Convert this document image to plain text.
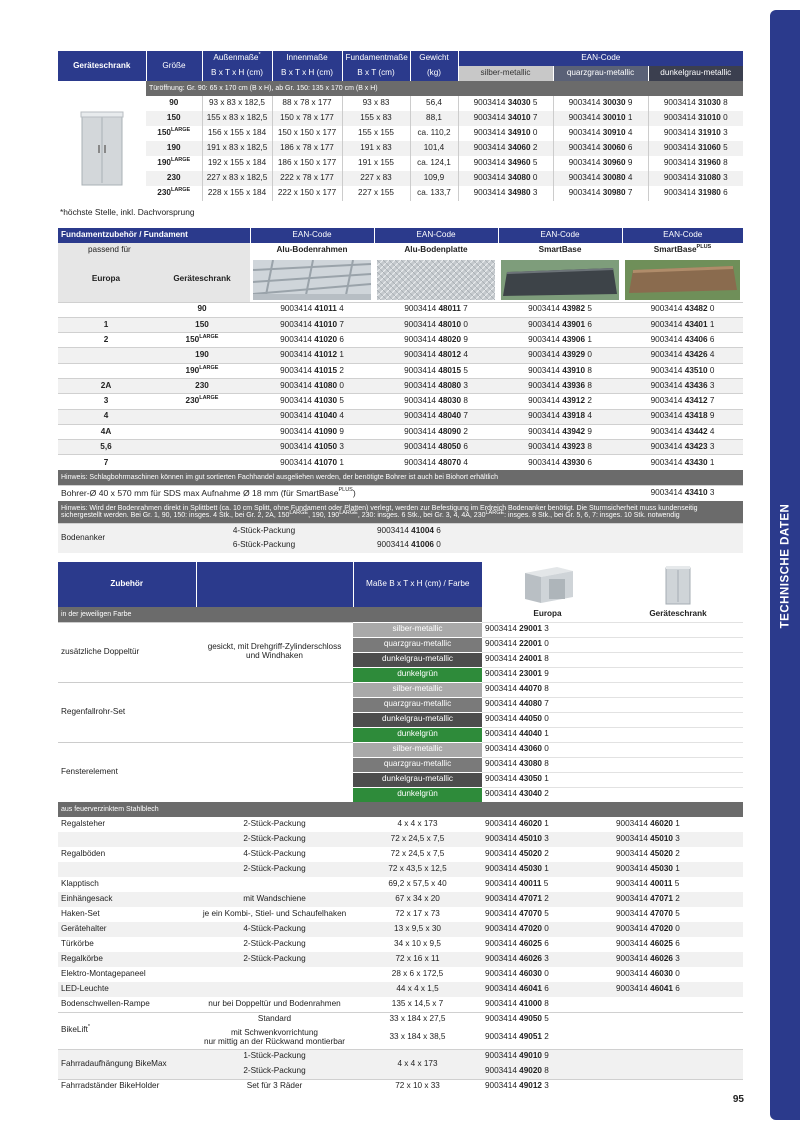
TECHNISCHE DATEN
Geräteschrank	Größe	Außenmaße*	Innenmaße	Fundamentmaße	Gewicht	EAN-Code		
		B x T x H (cm)	B x T x H (cm)	B x T (cm)	(kg)	silber-metallic	quarzgrau-metallic	dunkelgrau-metallic
	Türöffnung: Gr. 90: 65 x 170 cm (B x H), ab Gr. 150: 135 x 170 cm (B x H)							

	90	93 x 83 x 182,5	88 x 78 x 177	93 x 83	56,4	9003414 34030 5	9003414 30030 9	9003414 31030 8
	150	155 x 83 x 182,5	150 x 78 x 177	155 x 83	88,1	9003414 34010 7	9003414 30010 1	9003414 31010 0
	$150^{LARGE}$	156 x 155 x 184	150 x 150 x 177	155 x 155	ca. 110,2	9003414 34910 0	9003414 30910 4	9003414 31910 3
	190	191 x 83 x 182,5	186 x 78 x 177	191 x 83	101,4	9003414 34060 2	9003414 30060 6	9003414 31060 5
	$190^{LARGE}$	192 x 155 x 184	186 x 150 x 177	191 x 155	ca. 124,1	9003414 34960 5	9003414 30960 9	9003414 31960 8
	230	227 x 83 x 182,5	222 x 78 x 177	227 x 83	109,9	9003414 34080 0	9003414 30080 4	9003414 31080 3
	$230^{LARGE}$	228 x 155 x 184	222 x 150 x 177	227 x 155	ca. 133,7	9003414 34980 3	9003414 30980 7	9003414 31980 6
*höchste Stelle, inkl. Dachvorsprung
Fundamentzubehör / Fundament		EAN-Code	EAN-Code	EAN-Code	EAN-Code
passend für		Alu-Bodenrahmen	Alu-Bodenplatte	SmartBase	SmartBase$^{PLUS}$
Europa	Geräteschrank	

	90	9003414 41011 4	9003414 48011 7	9003414 43982 5	9003414 43482 0
1	150	9003414 41010 7	9003414 48010 0	9003414 43901 6	9003414 43401 1
2	$150^{LARGE}$	9003414 41020 6	9003414 48020 9	9003414 43906 1	9003414 43406 6
	190	9003414 41012 1	9003414 48012 4	9003414 43929 0	9003414 43426 4
	$190^{LARGE}$	9003414 41015 2	9003414 48015 5	9003414 43910 8	9003414 43510 0
2A	230	9003414 41080 0	9003414 48080 3	9003414 43936 8	9003414 43436 3
3	$230^{LARGE}$	9003414 41030 5	9003414 48030 8	9003414 43912 2	9003414 43412 7
4		9003414 41040 4	9003414 48040 7	9003414 43918 4	9003414 43418 9
4A		9003414 41090 9	9003414 48090 2	9003414 43942 9	9003414 43442 4
5,6		9003414 41050 3	9003414 48050 6	9003414 43923 8	9003414 43423 3
7		9003414 41070 1	9003414 48070 4	9003414 43930 6	9003414 43430 1
Hinweis: Schlagbohrmaschinen können im gut sortierten Fachhandel ausgeliehen werden, der benötigte Bohrer ist auch bei Biohort erhältlich					
Bohrer-Ø 40 x 570 mm für SDS max Aufnahme Ø 18 mm (für SmartBase$^{PLUS}$)					9003414 43410 3
Hinweis: Wird der Bodenrahmen direkt in Splittbett (ca. 10 cm Splitt, ohne Fundament oder Platten) verlegt, werden zur Befestigung im Erdreich Bodenanker benötigt. Die Sturmsicherheit muss kundenseitig
sichergestellt werden. Bei Gr. 1, 90, 150: insges. 4 Stk., bei Gr. 2, 2A, $150^{LARGE}$, 190, $190^{LARGE}$, 230: insges. 6 Stk., bei Gr. 3, 4, 4A, $230^{LARGE}$: insges. 8 Stk., bei Gr. 5, 6, 7: insges. 10 Stk. notwendig					
Bodenanker	4-Stück-Packung		9003414 41004 6		
	6-Stück-Packung		9003414 41006 0		
Zubehör		Maße B x T x H (cm) / Farbe	

in der jeweiligen Farbe			Europa	Geräteschrank
zusätzliche Doppeltür	gesickt, mit Drehgriff-Zylinderschloss
und Windhaken	silber-metallic	9003414 29001 3	
		quarzgrau-metallic	9003414 22001 0	
		dunkelgrau-metallic	9003414 24001 8	
		dunkelgrün	9003414 23001 9	
Regenfallrohr-Set		silber-metallic	9003414 44070 8	
		quarzgrau-metallic	9003414 44080 7	
		dunkelgrau-metallic	9003414 44050 0	
		dunkelgrün	9003414 44040 1	
Fensterelement		silber-metallic	9003414 43060 0	
		quarzgrau-metallic	9003414 43080 8	
		dunkelgrau-metallic	9003414 43050 1	
		dunkelgrün	9003414 43040 2	
aus feuerverzinktem Stahlblech				
Regalsteher	2-Stück-Packung	4 x 4 x 173	9003414 46020 1	9003414 46020 1
	2-Stück-Packung	72 x 24,5 x 7,5	9003414 45010 3	9003414 45010 3
Regalböden	4-Stück-Packung	72 x 24,5 x 7,5	9003414 45020 2	9003414 45020 2
	2-Stück-Packung	72 x 43,5 x 12,5	9003414 45030 1	9003414 45030 1
Klapptisch		69,2 x 57,5 x 40	9003414 40011 5	9003414 40011 5
Einhängesack	mit Wandschiene	67 x 34 x 20	9003414 47071 2	9003414 47071 2
Haken-Set	je ein Kombi-, Stiel- und Schaufelhaken	72 x 17 x 73	9003414 47070 5	9003414 47070 5
Gerätehalter	4-Stück-Packung	13 x 9,5 x 30	9003414 47020 0	9003414 47020 0
Türkörbe	2-Stück-Packung	34 x 10 x 9,5	9003414 46025 6	9003414 46025 6
Regalkörbe	2-Stück-Packung	72 x 16 x 11	9003414 46026 3	9003414 46026 3
Elektro-Montagepaneel		28 x 6 x 172,5	9003414 46030 0	9003414 46030 0
LED-Leuchte		44 x 4 x 1,5	9003414 46041 6	9003414 46041 6
Bodenschwellen-Rampe	nur bei Doppeltür und Bodenrahmen	135 x 14,5 x 7	9003414 41000 8	
BikeLift*	Standard	33 x 184 x 27,5	9003414 49050 5	
	mit Schwenkvorrichtung
nur mittig an der Rückwand montierbar	33 x 184 x 38,5	9003414 49051 2	
Fahrradaufhängung BikeMax	1-Stück-Packung	4 x 4 x 173	9003414 49010 9	
	2-Stück-Packung		9003414 49020 8	
Fahrradständer BikeHolder	Set für 3 Räder	72 x 10 x 33	9003414 49012 3	
95
